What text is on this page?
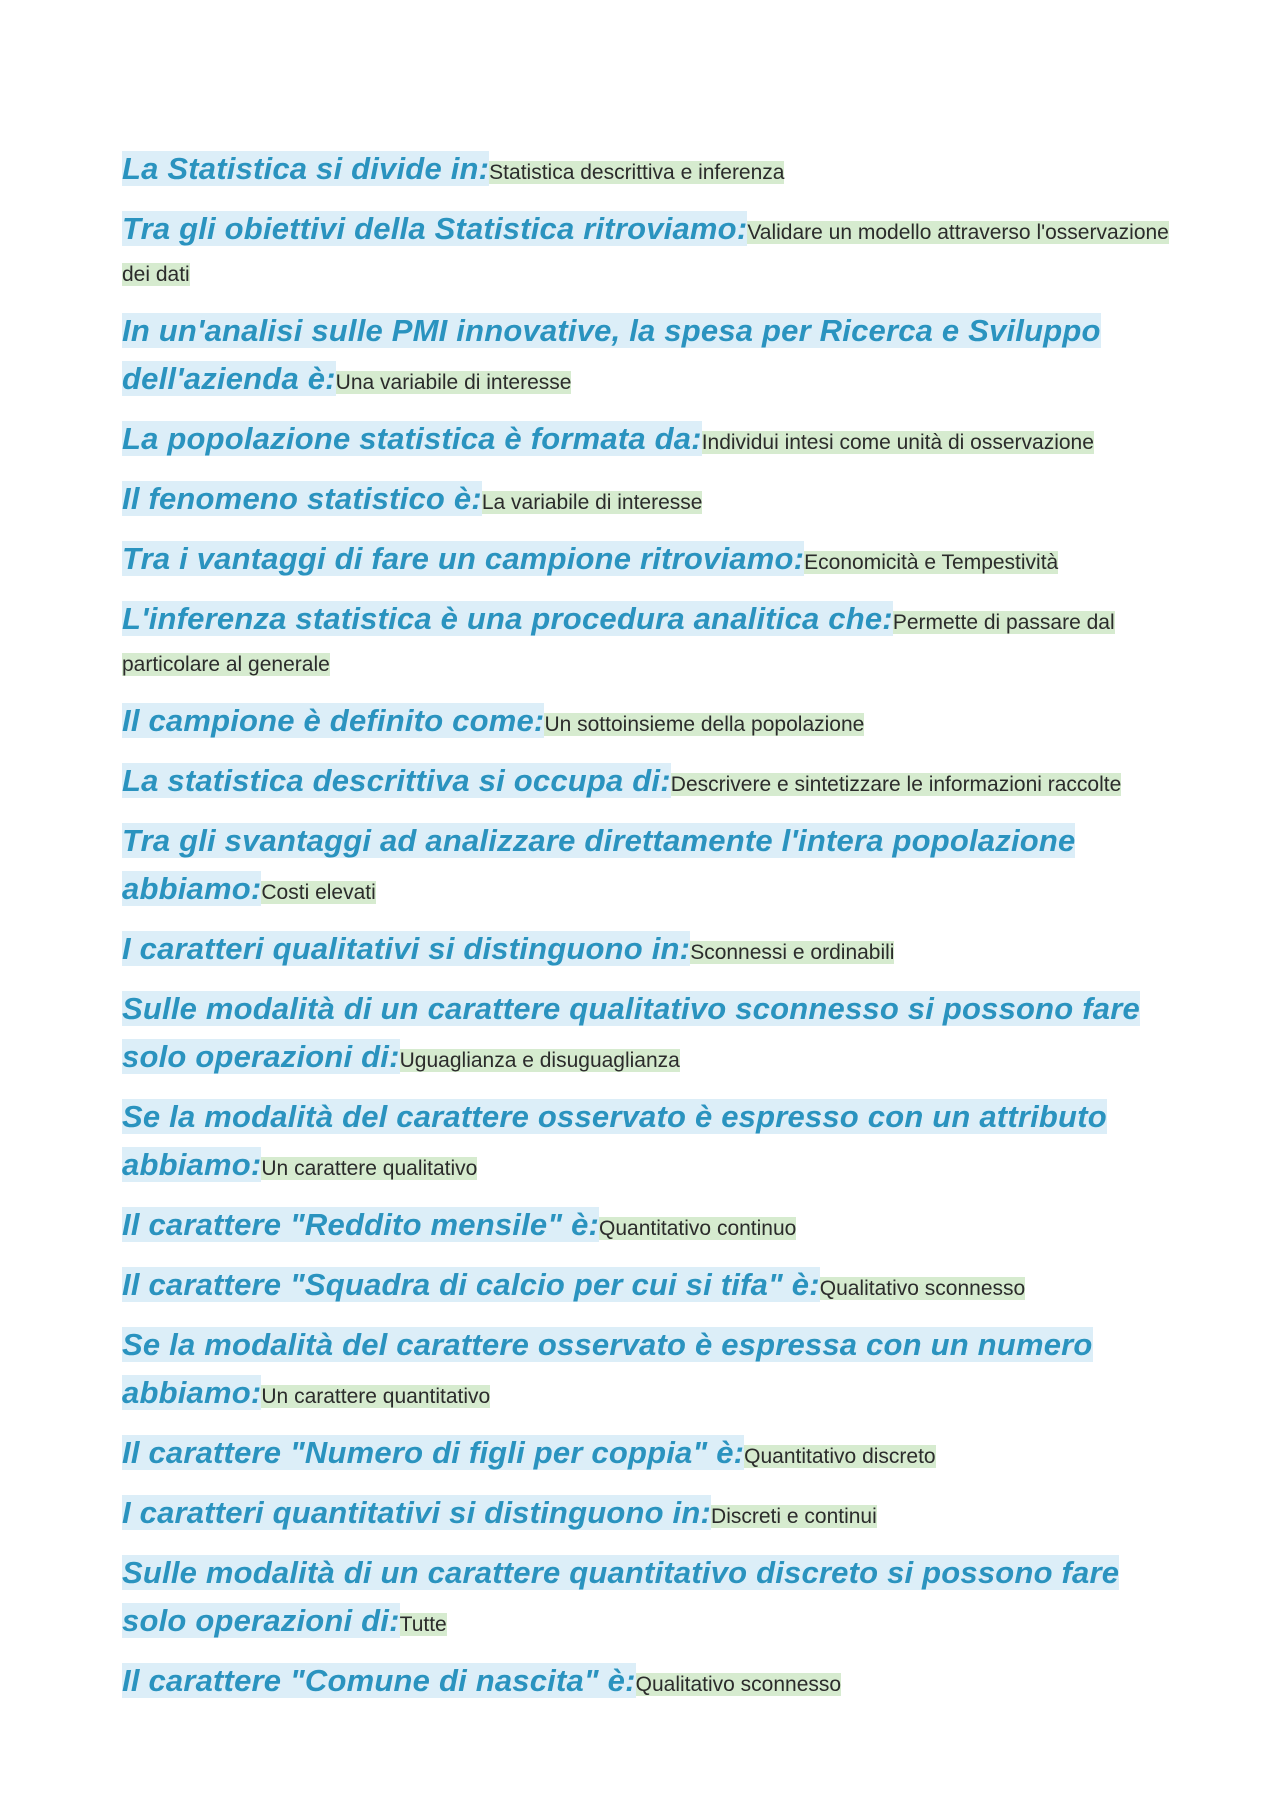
La Statistica si divide in:Statistica descrittiva e inferenza
Tra gli obiettivi della Statistica ritroviamo:Validare un modello attraverso l'osservazione dei dati
In un'analisi sulle PMI innovative, la spesa per Ricerca e Sviluppo dell'azienda è:Una variabile di interesse
La popolazione statistica è formata da:Individui intesi come unità di osservazione
Il fenomeno statistico è:La variabile di interesse
Tra i vantaggi di fare un campione ritroviamo:Economicità e Tempestività
L'inferenza statistica è una procedura analitica che:Permette di passare dal particolare al generale
Il campione è definito come:Un sottoinsieme della popolazione
La statistica descrittiva si occupa di:Descrivere e sintetizzare le informazioni raccolte
Tra gli svantaggi ad analizzare direttamente l'intera popolazione abbiamo:Costi elevati
I caratteri qualitativi si distinguono in:Sconnessi e ordinabili
Sulle modalità di un carattere qualitativo sconnesso si possono fare solo operazioni di:Uguaglianza e disuguaglianza
Se la modalità del carattere osservato è espresso con un attributo abbiamo:Un carattere qualitativo
Il carattere "Reddito mensile" è:Quantitativo continuo
Il carattere "Squadra di calcio per cui si tifa" è:Qualitativo sconnesso
Se la modalità del carattere osservato è espressa con un numero abbiamo:Un carattere quantitativo
Il carattere "Numero di figli per coppia" è:Quantitativo discreto
I caratteri quantitativi si distinguono in:Discreti e continui
Sulle modalità di un carattere quantitativo discreto si possono fare solo operazioni di:Tutte
Il carattere "Comune di nascita" è:Qualitativo sconnesso
